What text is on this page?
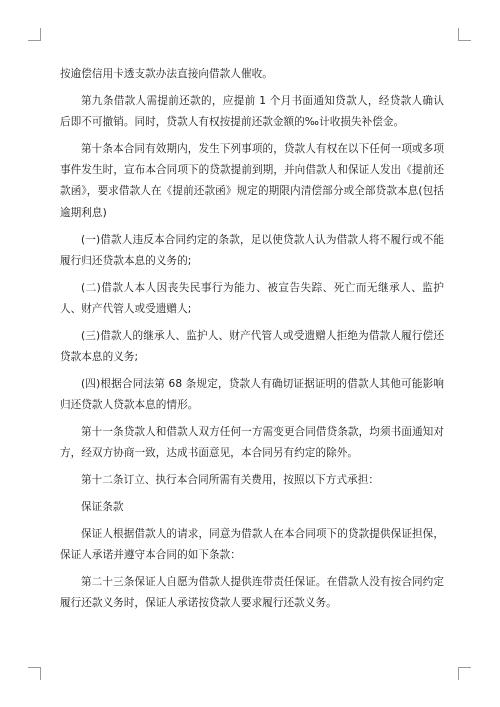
按逾偿信用卡透支款办法直接向借款人催收。

第九条借款人需提前还款的，应提前 1 个月书面通知贷款人，经贷款人确认后即不可撤销。同时，贷款人有权按提前还款金额的‰计收损失补偿金。

第十条本合同有效期内，发生下列事项的，贷款人有权在以下任何一项或多项事件发生时，宣布本合同项下的贷款提前到期，并向借款人和保证人发出《提前还款函》，要求借款人在《提前还款函》规定的期限内清偿部分或全部贷款本息(包括逾期利息)

(一)借款人违反本合同约定的条款，足以使贷款人认为借款人将不履行或不能履行归还贷款本息的义务的;

(二)借款人本人因丧失民事行为能力、被宣告失踪、死亡而无继承人、监护人、财产代管人或受遗赠人;

(三)借款人的继承人、监护人、财产代管人或受遗赠人拒绝为借款人履行偿还贷款本息的义务;

(四)根据合同法第 68 条规定，贷款人有确切证据证明的借款人其他可能影响归还贷款人贷款本息的情形。

第十一条贷款人和借款人双方任何一方需变更合同借贷条款，均须书面通知对方，经双方协商一致，达成书面意见，本合同另有约定的除外。

第十二条订立、执行本合同所需有关费用，按照以下方式承担：

保证条款

保证人根据借款人的请求，同意为借款人在本合同项下的贷款提供保证担保，保证人承诺并遵守本合同的如下条款：

第二十三条保证人自愿为借款人提供连带责任保证。在借款人没有按合同约定履行还款义务时，保证人承诺按贷款人要求履行还款义务。
